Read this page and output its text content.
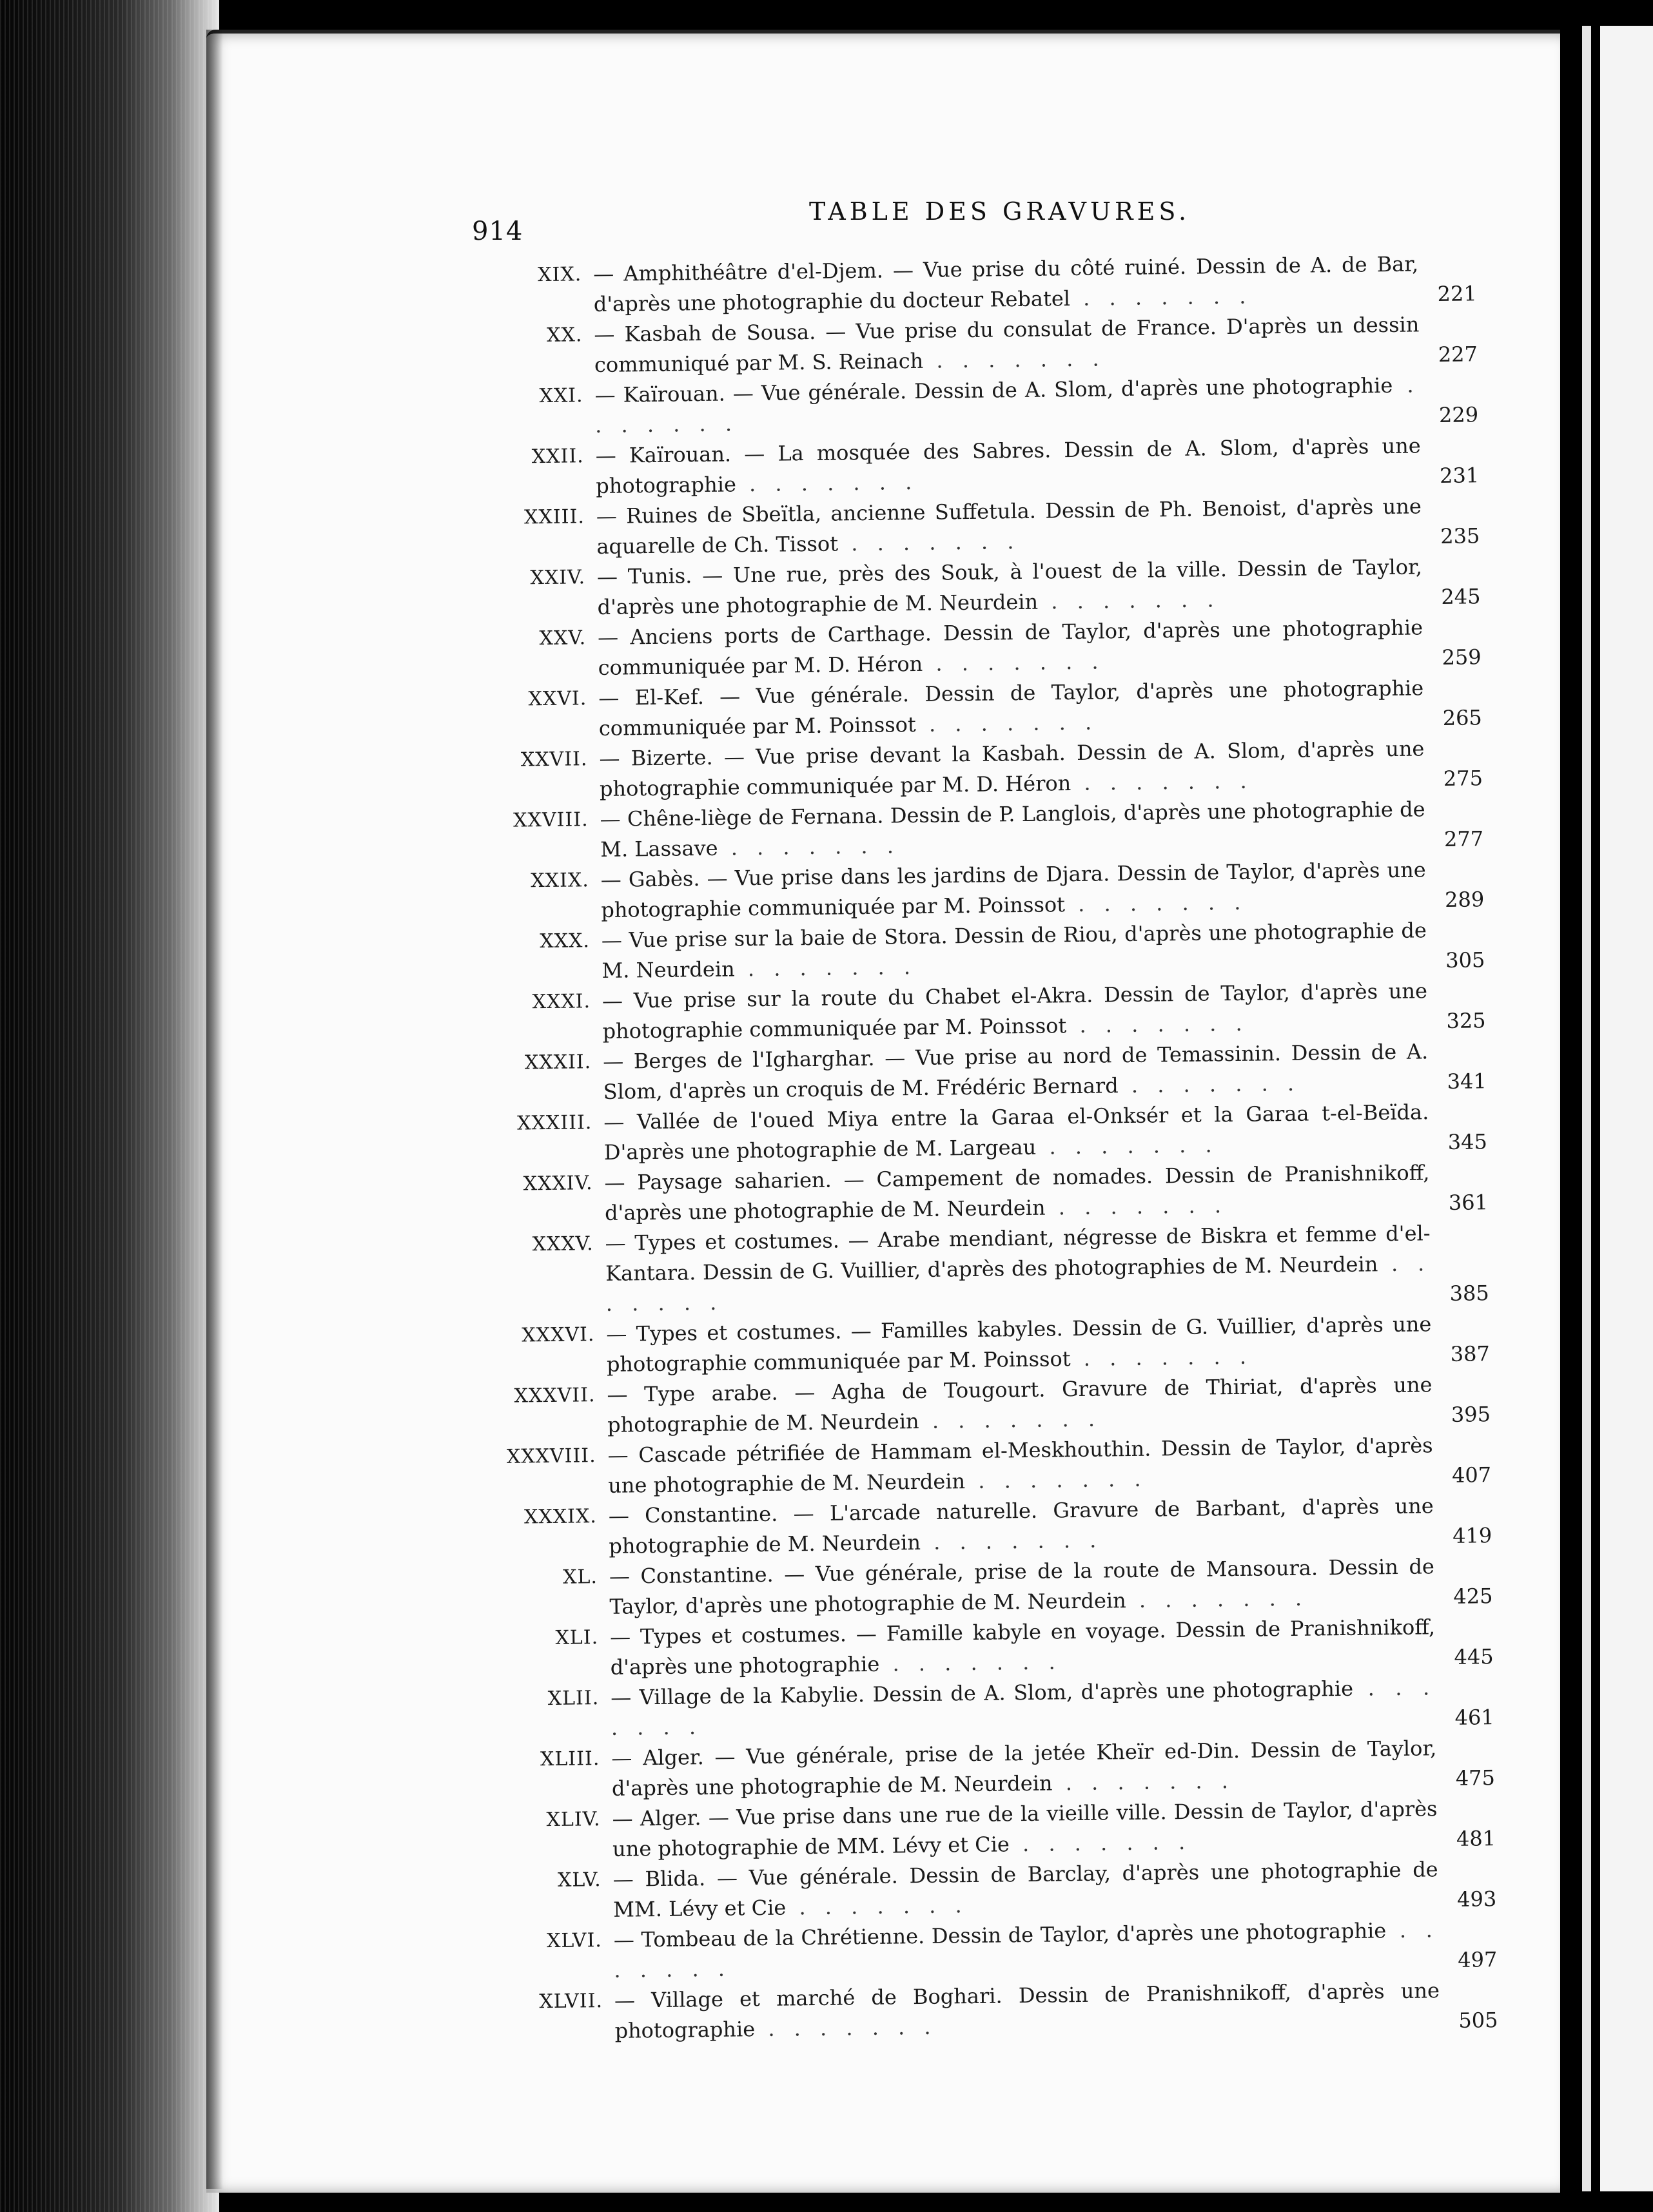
914
TABLE DES GRAVURES.
XIX. — Amphithéâtre d'el-Djem. — Vue prise du côté ruiné. Dessin de A. de Bar, d'après une photographie du docteur Rebatel . . . . . . .	221
XX. — Kasbah de Sousa. — Vue prise du consulat de France. D'après un dessin communiqué par M. S. Reinach . . . . . . .	227
XXI. — Kaïrouan. — Vue générale. Dessin de A. Slom, d'après une photographie . . . . . . .	229
XXII. — Kaïrouan. — La mosquée des Sabres. Dessin de A. Slom, d'après une photographie . . . . . . .	231
XXIII. — Ruines de Sbeïtla, ancienne Suffetula. Dessin de Ph. Benoist, d'après une aquarelle de Ch. Tissot . . . . . . .	235
XXIV. — Tunis. — Une rue, près des Souk, à l'ouest de la ville. Dessin de Taylor, d'après une photographie de M. Neurdein . . . . . . .	245
XXV. — Anciens ports de Carthage. Dessin de Taylor, d'après une photographie communiquée par M. D. Héron . . . . . . .	259
XXVI. — El-Kef. — Vue générale. Dessin de Taylor, d'après une photographie communiquée par M. Poinssot . . . . . . .	265
XXVII. — Bizerte. — Vue prise devant la Kasbah. Dessin de A. Slom, d'après une photographie communiquée par M. D. Héron . . . . . . .	275
XXVIII. — Chêne-liège de Fernana. Dessin de P. Langlois, d'après une photographie de M. Lassave . . . . . . .	277
XXIX. — Gabès. — Vue prise dans les jardins de Djara. Dessin de Taylor, d'après une photographie communiquée par M. Poinssot . . . . . . .	289
XXX. — Vue prise sur la baie de Stora. Dessin de Riou, d'après une photographie de M. Neurdein . . . . . . .	305
XXXI. — Vue prise sur la route du Chabet el-Akra. Dessin de Taylor, d'après une photographie communiquée par M. Poinssot . . . . . . .	325
XXXII. — Berges de l'Igharghar. — Vue prise au nord de Temassinin. Dessin de A. Slom, d'après un croquis de M. Frédéric Bernard . . . . . . .	341
XXXIII. — Vallée de l'oued Miya entre la Garaa el-Onksér et la Garaa t-el-Beïda. D'après une photographie de M. Largeau . . . . . . .	345
XXXIV. — Paysage saharien. — Campement de nomades. Dessin de Pranishnikoff, d'après une photographie de M. Neurdein . . . . . . .	361
XXXV. — Types et costumes. — Arabe mendiant, négresse de Biskra et femme d'el-Kantara. Dessin de G. Vuillier, d'après des photographies de M. Neurdein . . . . . . .	385
XXXVI. — Types et costumes. — Familles kabyles. Dessin de G. Vuillier, d'après une photographie communiquée par M. Poinssot . . . . . . .	387
XXXVII. — Type arabe. — Agha de Tougourt. Gravure de Thiriat, d'après une photographie de M. Neurdein . . . . . . .	395
XXXVIII. — Cascade pétrifiée de Hammam el-Meskhouthin. Dessin de Taylor, d'après une photographie de M. Neurdein . . . . . . .	407
XXXIX. — Constantine. — L'arcade naturelle. Gravure de Barbant, d'après une photographie de M. Neurdein . . . . . . .	419
XL. — Constantine. — Vue générale, prise de la route de Mansoura. Dessin de Taylor, d'après une photographie de M. Neurdein . . . . . . .	425
XLI. — Types et costumes. — Famille kabyle en voyage. Dessin de Pranishnikoff, d'après une photographie . . . . . . .	445
XLII. — Village de la Kabylie. Dessin de A. Slom, d'après une photographie . . . . . . .	461
XLIII. — Alger. — Vue générale, prise de la jetée Kheïr ed-Din. Dessin de Taylor, d'après une photographie de M. Neurdein . . . . . . .	475
XLIV. — Alger. — Vue prise dans une rue de la vieille ville. Dessin de Taylor, d'après une photographie de MM. Lévy et Cie . . . . . . .	481
XLV. — Blida. — Vue générale. Dessin de Barclay, d'après une photographie de MM. Lévy et Cie . . . . . . .	493
XLVI. — Tombeau de la Chrétienne. Dessin de Taylor, d'après une photographie . . . . . . .	497
XLVII. — Village et marché de Boghari. Dessin de Pranishnikoff, d'après une photographie . . . . . . .	505
